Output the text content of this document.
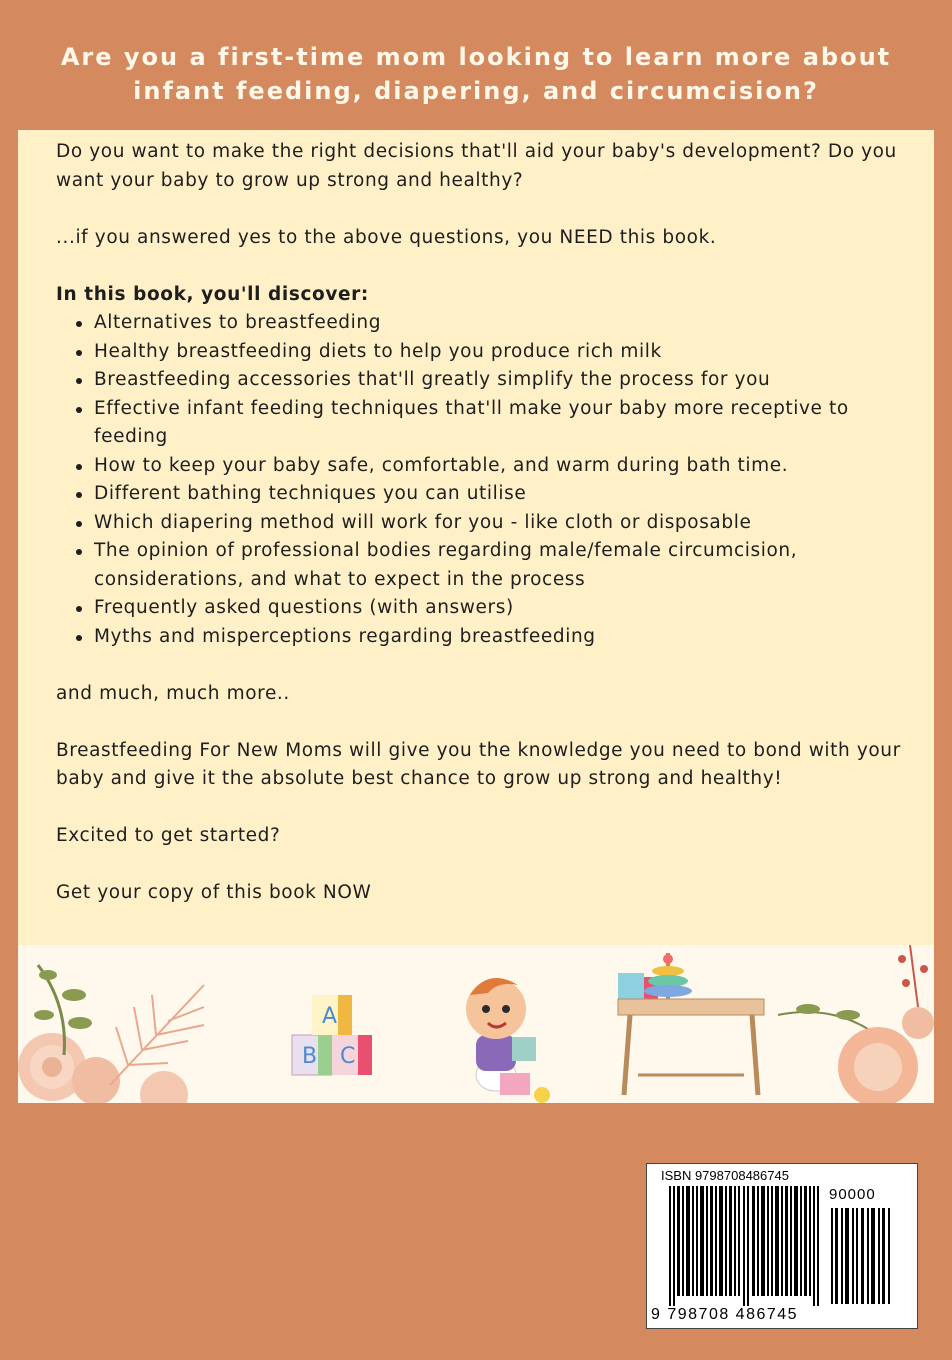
Are you a first-time mom looking to learn more about infant feeding, diapering, and circumcision?

Do you want to make the right decisions that'll aid your baby's development? Do you want your baby to grow up strong and healthy?

...if you answered yes to the above questions, you NEED this book.

In this book, you'll discover:

Alternatives to breastfeeding
Healthy breastfeeding diets to help you produce rich milk
Breastfeeding accessories that'll greatly simplify the process for you
Effective infant feeding techniques that'll make your baby more receptive to feeding
How to keep your baby safe, comfortable, and warm during bath time.
Different bathing techniques you can utilise
Which diapering method will work for you - like cloth or disposable
The opinion of professional bodies regarding male/female circumcision, considerations, and what to expect in the process
Frequently asked questions (with answers)
Myths and misperceptions regarding breastfeeding

and much, much more..

Breastfeeding For New Moms will give you the knowledge you need to bond with your baby and give it the absolute best chance to grow up strong and healthy!

Excited to get started?

Get your copy of this book NOW

A
B C
ISBN 9798708486745
90000
9 798708 486745
